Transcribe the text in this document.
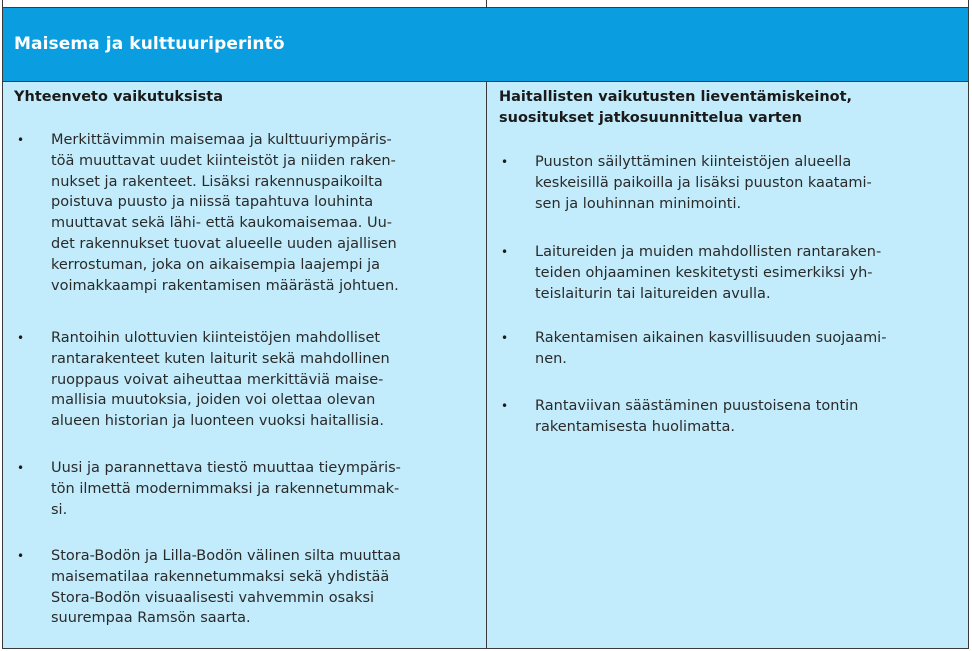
Maisema ja kulttuuriperintö
Yhteenveto vaikutuksista
• Merkittävimmin maisemaa ja kulttuuriympäris-
töä muuttavat uudet kiinteistöt ja niiden raken-
nukset ja rakenteet. Lisäksi rakennuspaikoilta
poistuva puusto ja niissä tapahtuva louhinta
muuttavat sekä lähi- että kaukomaisemaa. Uu-
det rakennukset tuovat alueelle uuden ajallisen
kerrostuman, joka on aikaisempia laajempi ja
voimakkaampi rakentamisen määrästä johtuen.
• Rantoihin ulottuvien kiinteistöjen mahdolliset
rantarakenteet kuten laiturit sekä mahdollinen
ruoppaus voivat aiheuttaa merkittäviä maise-
mallisia muutoksia, joiden voi olettaa olevan
alueen historian ja luonteen vuoksi haitallisia.
• Uusi ja parannettava tiestö muuttaa tieympäris-
tön ilmettä modernimmaksi ja rakennetummak-
si.
• Stora-Bodön ja Lilla-Bodön välinen silta muuttaa
maisematilaa rakennetummaksi sekä yhdistää
Stora-Bodön visuaalisesti vahvemmin osaksi
suurempaa Ramsön saarta.
Haitallisten vaikutusten lieventämiskeinot,
suositukset jatkosuunnittelua varten
• Puuston säilyttäminen kiinteistöjen alueella
keskeisillä paikoilla ja lisäksi puuston kaatami-
sen ja louhinnan minimointi.
• Laitureiden ja muiden mahdollisten rantaraken-
teiden ohjaaminen keskitetysti esimerkiksi yh-
teislaiturin tai laitureiden avulla.
• Rakentamisen aikainen kasvillisuuden suojaami-
nen.
• Rantaviivan säästäminen puustoisena tontin
rakentamisesta huolimatta.
